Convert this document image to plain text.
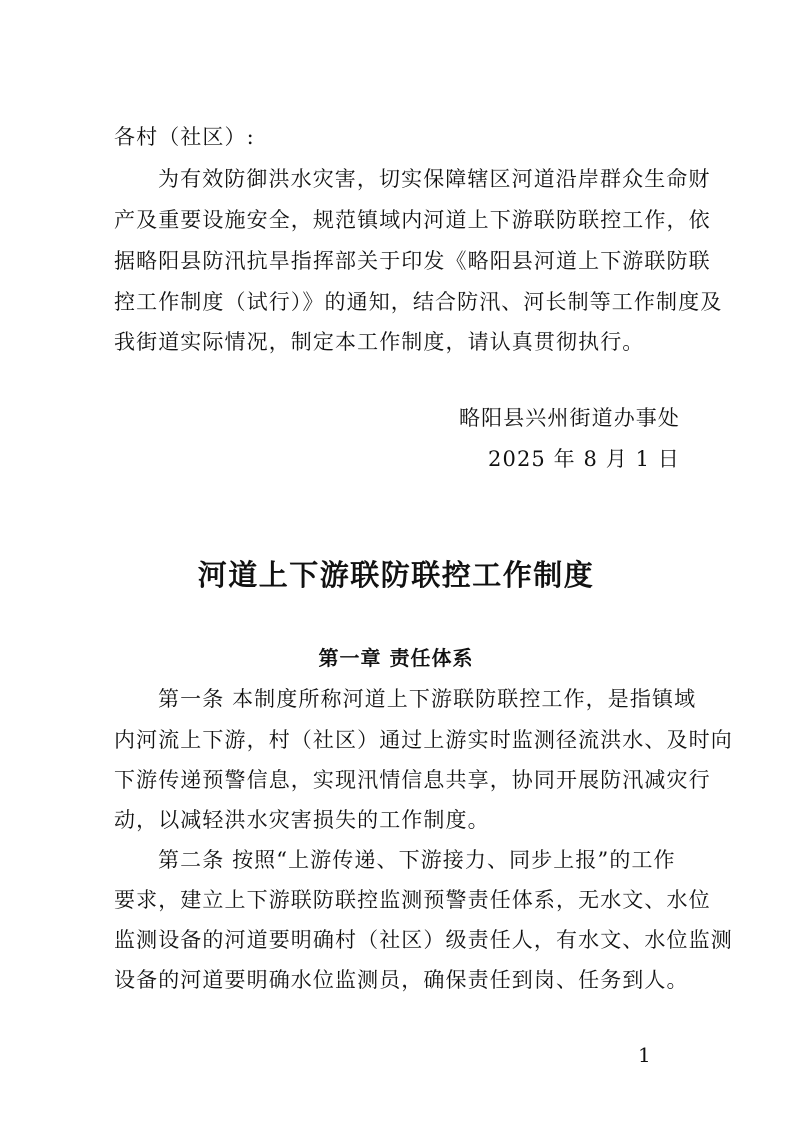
各村（社区）:
为有效防御洪水灾害，切实保障辖区河道沿岸群众生命财
产及重要设施安全，规范镇域内河道上下游联防联控工作，依
据略阳县防汛抗旱指挥部关于印发《略阳县河道上下游联防联
控工作制度（试行）》的通知，结合防汛、河长制等工作制度及
我街道实际情况，制定本工作制度，请认真贯彻执行。
略阳县兴州街道办事处
2025 年 8 月 1 日
河道上下游联防联控工作制度
第一章 责任体系
第一条 本制度所称河道上下游联防联控工作，是指镇域
内河流上下游，村（社区）通过上游实时监测径流洪水、及时向
下游传递预警信息，实现汛情信息共享，协同开展防汛减灾行
动，以减轻洪水灾害损失的工作制度。
第二条 按照“上游传递、下游接力、同步上报”的工作
要求，建立上下游联防联控监测预警责任体系，无水文、水位
监测设备的河道要明确村（社区）级责任人，有水文、水位监测
设备的河道要明确水位监测员，确保责任到岗、任务到人。
1
